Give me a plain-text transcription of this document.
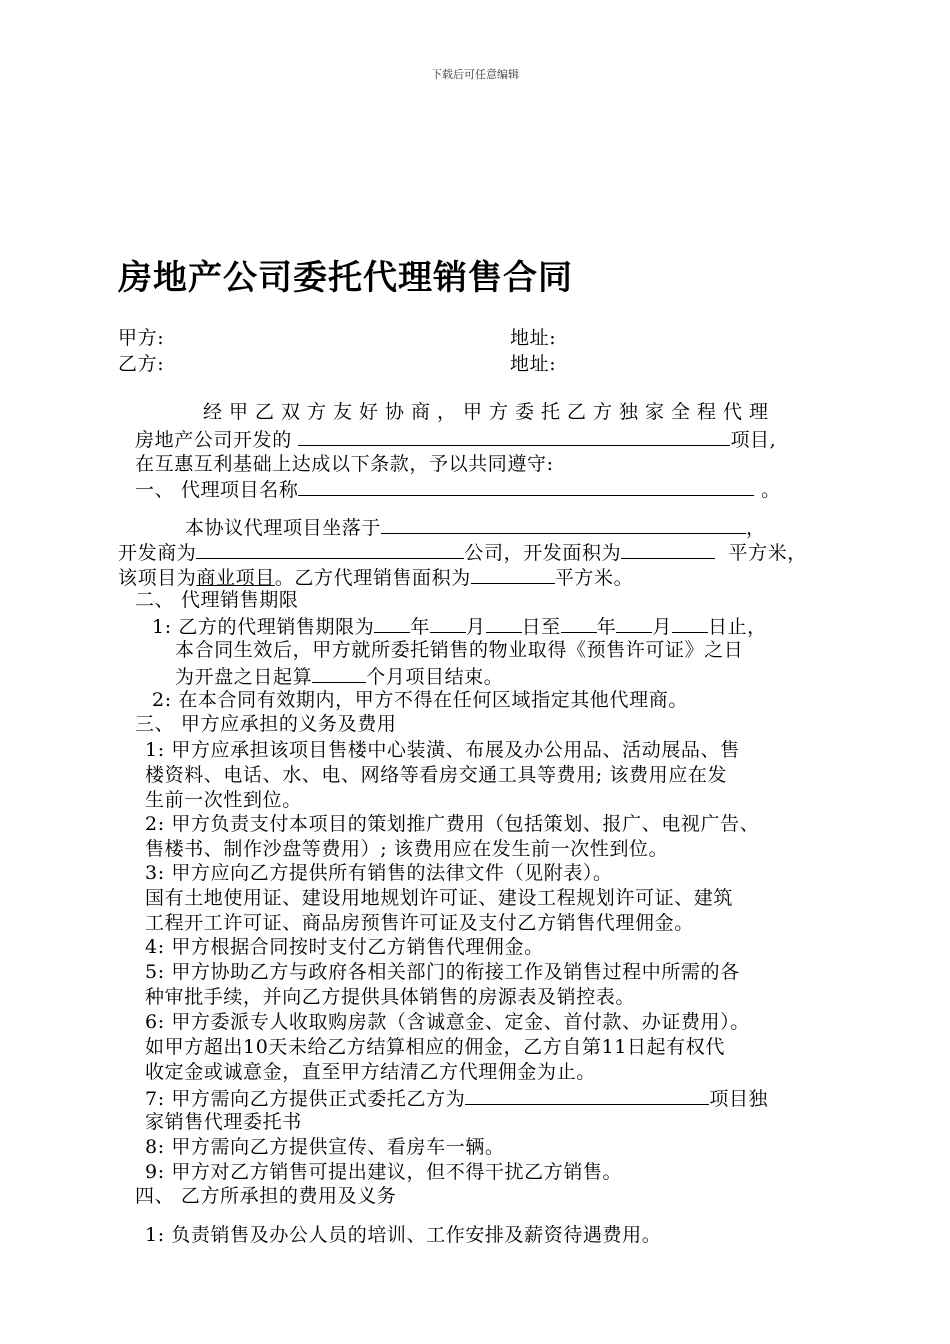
下载后可任意编辑
房地产公司委托代理销售合同
甲方:	地址:
乙方:	地址:
经甲乙双方友好协商，甲方委托乙方独家全程代理
房地产公司开发的	项目,
在互惠互利基础上达成以下条款，予以共同遵守:
一、 代理项目名称	。
本协议代理项目坐落于	，
开发商为	公司，开发面积为	平方米，
该项目为商业项目。乙方代理销售面积为	平方米。
二、 代理销售期限
1: 乙方的代理销售期限为 年 月 日至 年 月 日止，
本合同生效后，甲方就所委托销售的物业取得《预售许可证》之日
为开盘之日起算	个月项目结束。
2: 在本合同有效期内，甲方不得在任何区域指定其他代理商。
三、 甲方应承担的义务及费用
1: 甲方应承担该项目售楼中心装潢、布展及办公用品、活动展品、售
楼资料、电话、水、电、网络等看房交通工具等费用; 该费用应在发
生前一次性到位。
2: 甲方负责支付本项目的策划推广费用（包括策划、报广、电视广告、
售楼书、制作沙盘等费用）; 该费用应在发生前一次性到位。
3: 甲方应向乙方提供所有销售的法律文件（见附表）。
国有土地使用证、建设用地规划许可证、建设工程规划许可证、建筑
工程开工许可证、商品房预售许可证及支付乙方销售代理佣金。
4: 甲方根据合同按时支付乙方销售代理佣金。
5: 甲方协助乙方与政府各相关部门的衔接工作及销售过程中所需的各
种审批手续，并向乙方提供具体销售的房源表及销控表。
6: 甲方委派专人收取购房款（含诚意金、定金、首付款、办证费用）。
如甲方超出10天未给乙方结算相应的佣金，乙方自第11日起有权代
收定金或诚意金，直至甲方结清乙方代理佣金为止。
7: 甲方需向乙方提供正式委托乙方为	项目独
家销售代理委托书
8: 甲方需向乙方提供宣传、看房车一辆。
9: 甲方对乙方销售可提出建议，但不得干扰乙方销售。
四、 乙方所承担的费用及义务
1: 负责销售及办公人员的培训、工作安排及薪资待遇费用。
